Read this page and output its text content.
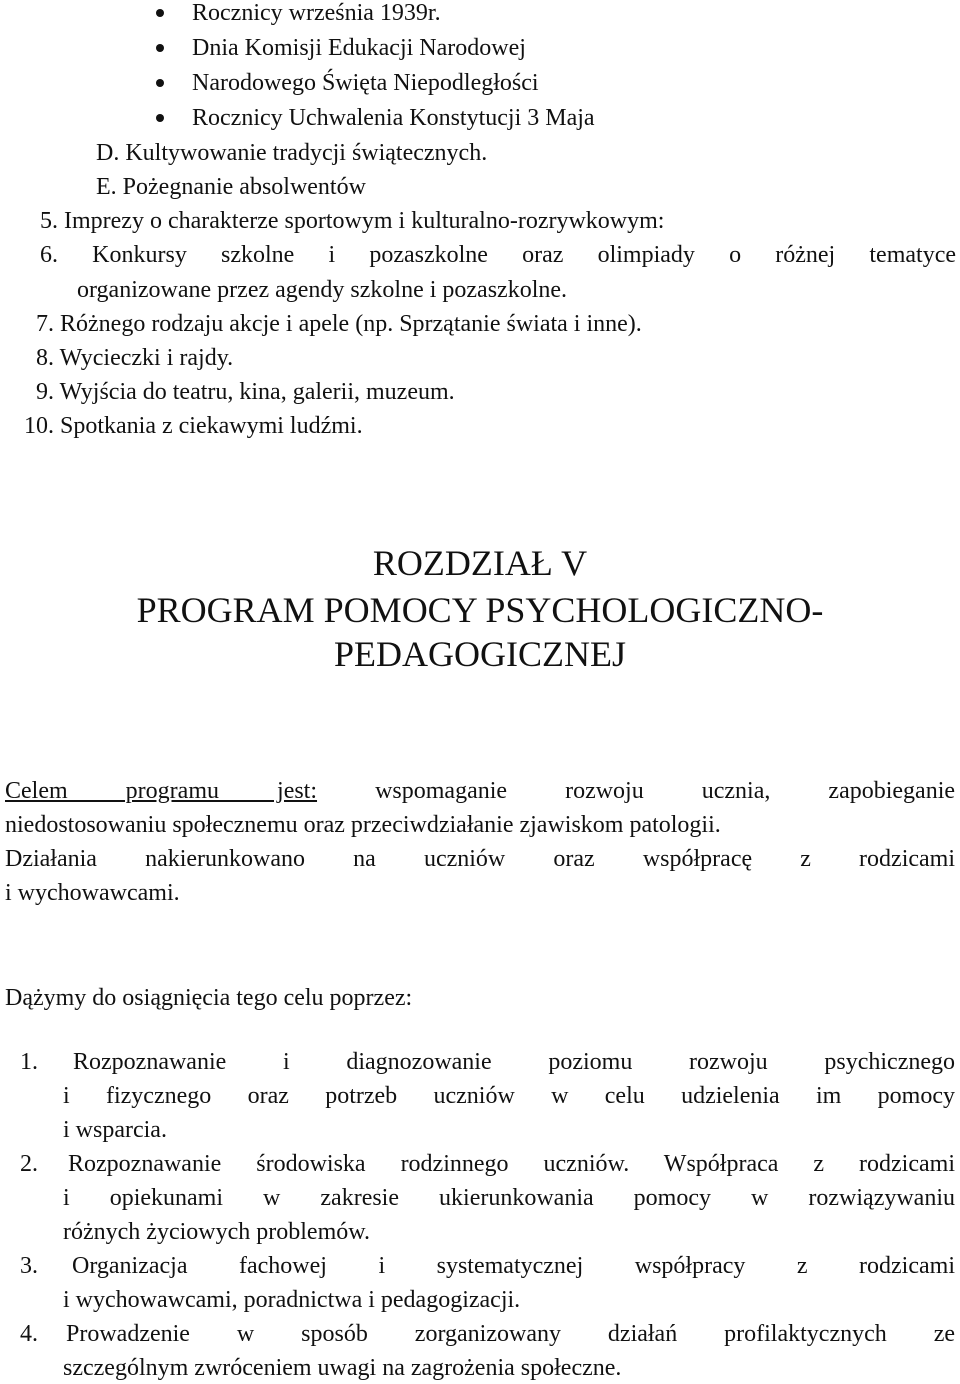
Rocznicy września 1939r.
Dnia Komisji Edukacji Narodowej
Narodowego Święta Niepodległości
Rocznicy Uchwalenia Konstytucji 3 Maja
D. Kultywowanie tradycji świątecznych.
E. Pożegnanie absolwentów
5. Imprezy o charakterze sportowym i kulturalno-rozrywkowym:
6. Konkursy szkolne i pozaszkolne oraz olimpiady o różnej tematyce
organizowane przez agendy szkolne i pozaszkolne.
7. Różnego rodzaju akcje i apele (np. Sprzątanie świata i inne).
8. Wycieczki i rajdy.
9. Wyjścia do teatru, kina, galerii, muzeum.
10. Spotkania z ciekawymi ludźmi.
ROZDZIAŁ V
PROGRAM POMOCY PSYCHOLOGICZNO-
PEDAGOGICZNEJ
Celem programu jest: wspomaganie rozwoju ucznia, zapobieganie
niedostosowaniu społecznemu oraz przeciwdziałanie zjawiskom patologii.
Działania nakierunkowano na uczniów oraz współpracę z rodzicami
i wychowawcami.
Dążymy do osiągnięcia tego celu poprzez:
1. Rozpoznawanie i diagnozowanie poziomu rozwoju psychicznego
i fizycznego oraz potrzeb uczniów w celu udzielenia im pomocy
i wsparcia.
2. Rozpoznawanie środowiska rodzinnego uczniów. Współpraca z rodzicami
i opiekunami w zakresie ukierunkowania pomocy w rozwiązywaniu
różnych życiowych problemów.
3. Organizacja fachowej i systematycznej współpracy z rodzicami
i wychowawcami, poradnictwa i pedagogizacji.
4. Prowadzenie w sposób zorganizowany działań profilaktycznych ze
szczególnym zwróceniem uwagi na zagrożenia społeczne.
